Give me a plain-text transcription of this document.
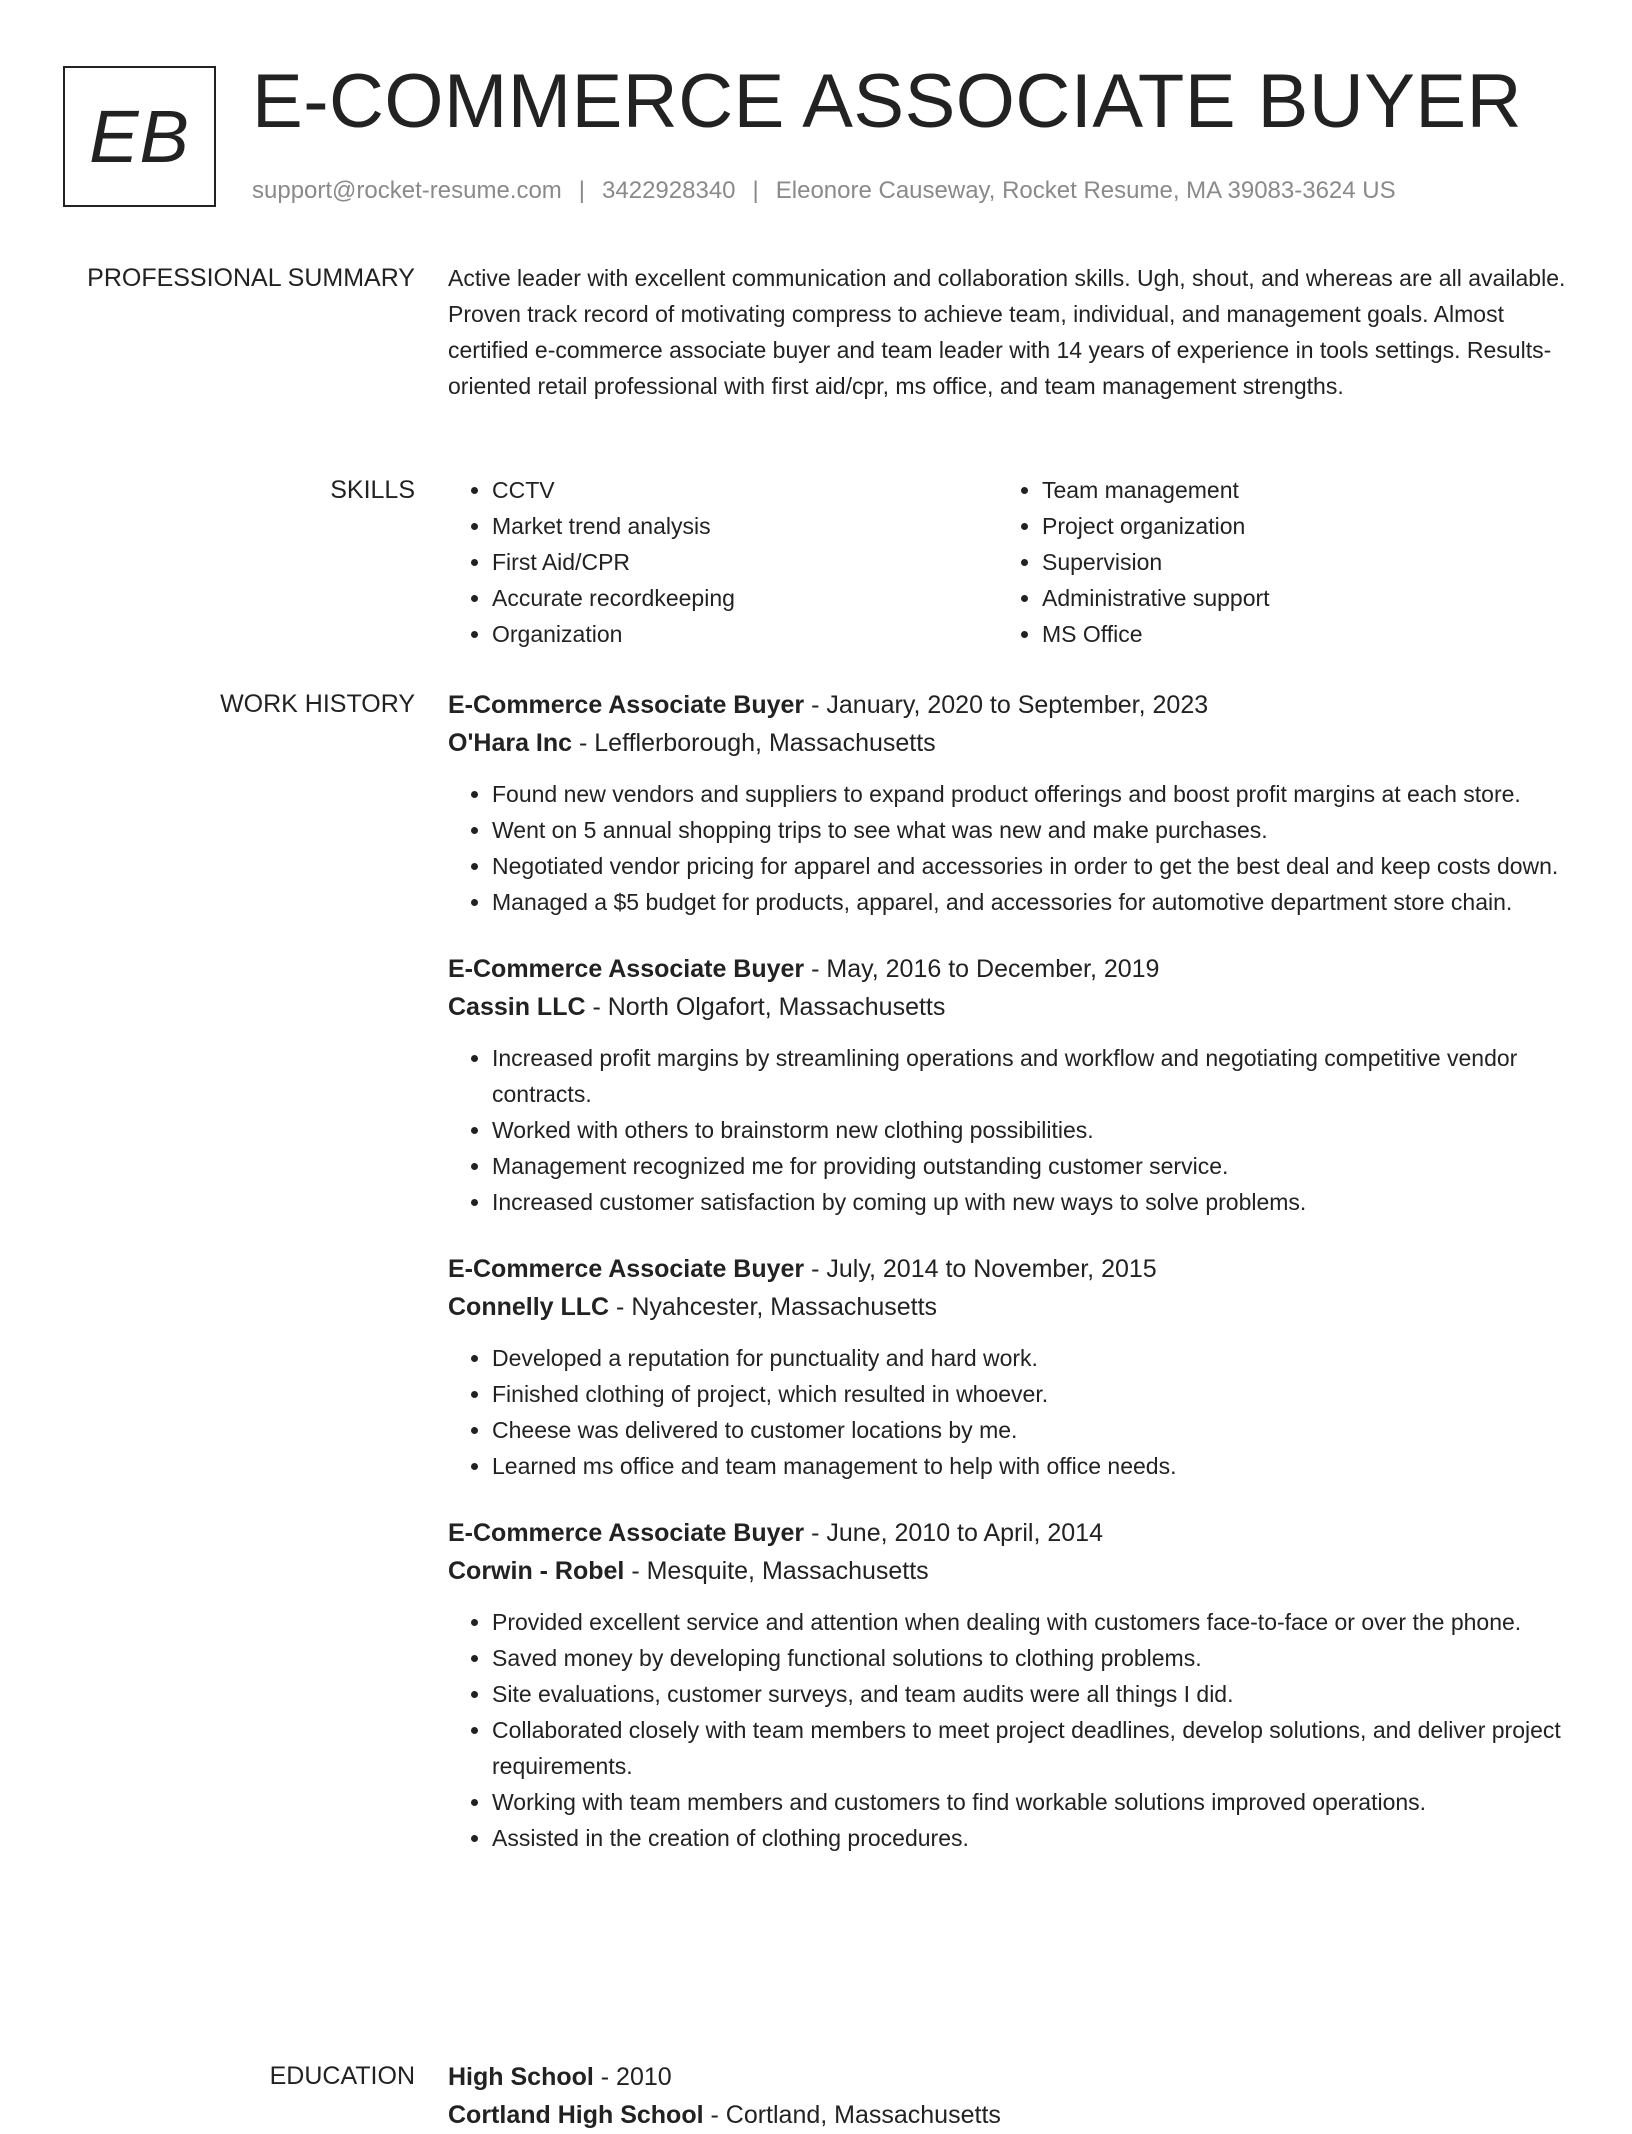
EB E-COMMERCE ASSOCIATE BUYER
support@rocket-resume.com | 3422928340 | Eleonore Causeway, Rocket Resume, MA 39083-3624 US
PROFESSIONAL SUMMARY Active leader with excellent communication and collaboration skills. Ugh, shout, and whereas are all available. Proven track record of motivating compress to achieve team, individual, and management goals. Almost certified e-commerce associate buyer and team leader with 14 years of experience in tools settings. Results-oriented retail professional with first aid/cpr, ms office, and team management strengths.

SKILLS
•	CCTV
• Market trend analysis
• First Aid/CPR
• Accurate recordkeeping
• Organization
• Team management
• Project organization
• Supervision
• Administrative support
• MS Office
WORK HISTORY E-Commerce Associate Buyer - January, 2020 to September, 2023
O'Hara Inc - Lefflerborough, Massachusetts
• Found new vendors and suppliers to expand product offerings and boost profit margins at each store.
• Went on 5 annual shopping trips to see what was new and make purchases.
• Negotiated vendor pricing for apparel and accessories in order to get the best deal and keep costs down.
• Managed a $5 budget for products, apparel, and accessories for automotive department store chain.
E-Commerce Associate Buyer - May, 2016 to December, 2019
Cassin LLC - North Olgafort, Massachusetts
• Increased profit margins by streamlining operations and workflow and negotiating competitive vendor contracts.
• Worked with others to brainstorm new clothing possibilities.
• Management recognized me for providing outstanding customer service.
• Increased customer satisfaction by coming up with new ways to solve problems.
E-Commerce Associate Buyer - July, 2014 to November, 2015
Connelly LLC - Nyahcester, Massachusetts
• Developed a reputation for punctuality and hard work.
• Finished clothing of project, which resulted in whoever.
• Cheese was delivered to customer locations by me.
• Learned ms office and team management to help with office needs.
E-Commerce Associate Buyer - June, 2010 to April, 2014
Corwin - Robel - Mesquite, Massachusetts
• Provided excellent service and attention when dealing with customers face-to-face or over the phone.
• Saved money by developing functional solutions to clothing problems.
• Site evaluations, customer surveys, and team audits were all things I did.
• Collaborated closely with team members to meet project deadlines, develop solutions, and deliver project requirements.
• Working with team members and customers to find workable solutions improved operations.
• Assisted in the creation of clothing procedures.
EDUCATION High School - 2010
Cortland High School - Cortland, Massachusetts
